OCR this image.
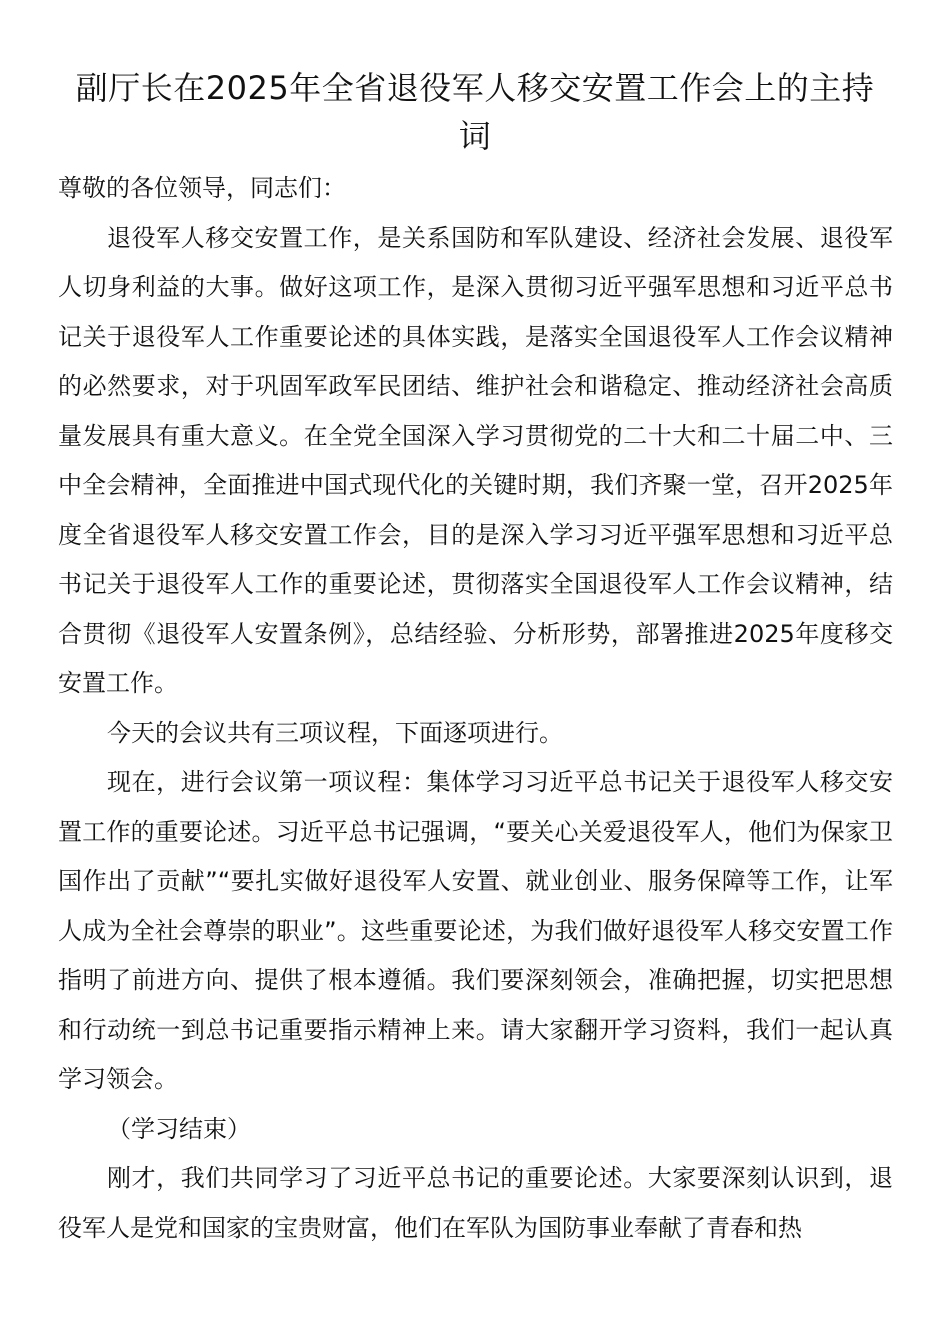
副厅长在2025年全省退役军人移交安置工作会上的主持词

尊敬的各位领导，同志们：

退役军人移交安置工作，是关系国防和军队建设、经济社会发展、退役军人切身利益的大事。做好这项工作，是深入贯彻习近平强军思想和习近平总书记关于退役军人工作重要论述的具体实践，是落实全国退役军人工作会议精神的必然要求，对于巩固军政军民团结、维护社会和谐稳定、推动经济社会高质量发展具有重大意义。在全党全国深入学习贯彻党的二十大和二十届二中、三中全会精神，全面推进中国式现代化的关键时期，我们齐聚一堂，召开2025年度全省退役军人移交安置工作会，目的是深入学习习近平强军思想和习近平总书记关于退役军人工作的重要论述，贯彻落实全国退役军人工作会议精神，结合贯彻《退役军人安置条例》，总结经验、分析形势，部署推进2025年度移交安置工作。

今天的会议共有三项议程，下面逐项进行。

现在，进行会议第一项议程：集体学习习近平总书记关于退役军人移交安置工作的重要论述。习近平总书记强调，“要关心关爱退役军人，他们为保家卫国作出了贡献”“要扎实做好退役军人安置、就业创业、服务保障等工作，让军人成为全社会尊崇的职业”。这些重要论述，为我们做好退役军人移交安置工作指明了前进方向、提供了根本遵循。我们要深刻领会，准确把握，切实把思想和行动统一到总书记重要指示精神上来。请大家翻开学习资料，我们一起认真学习领会。

（学习结束）

刚才，我们共同学习了习近平总书记的重要论述。大家要深刻认识到，退役军人是党和国家的宝贵财富，他们在军队为国防事业奉献了青春和热
